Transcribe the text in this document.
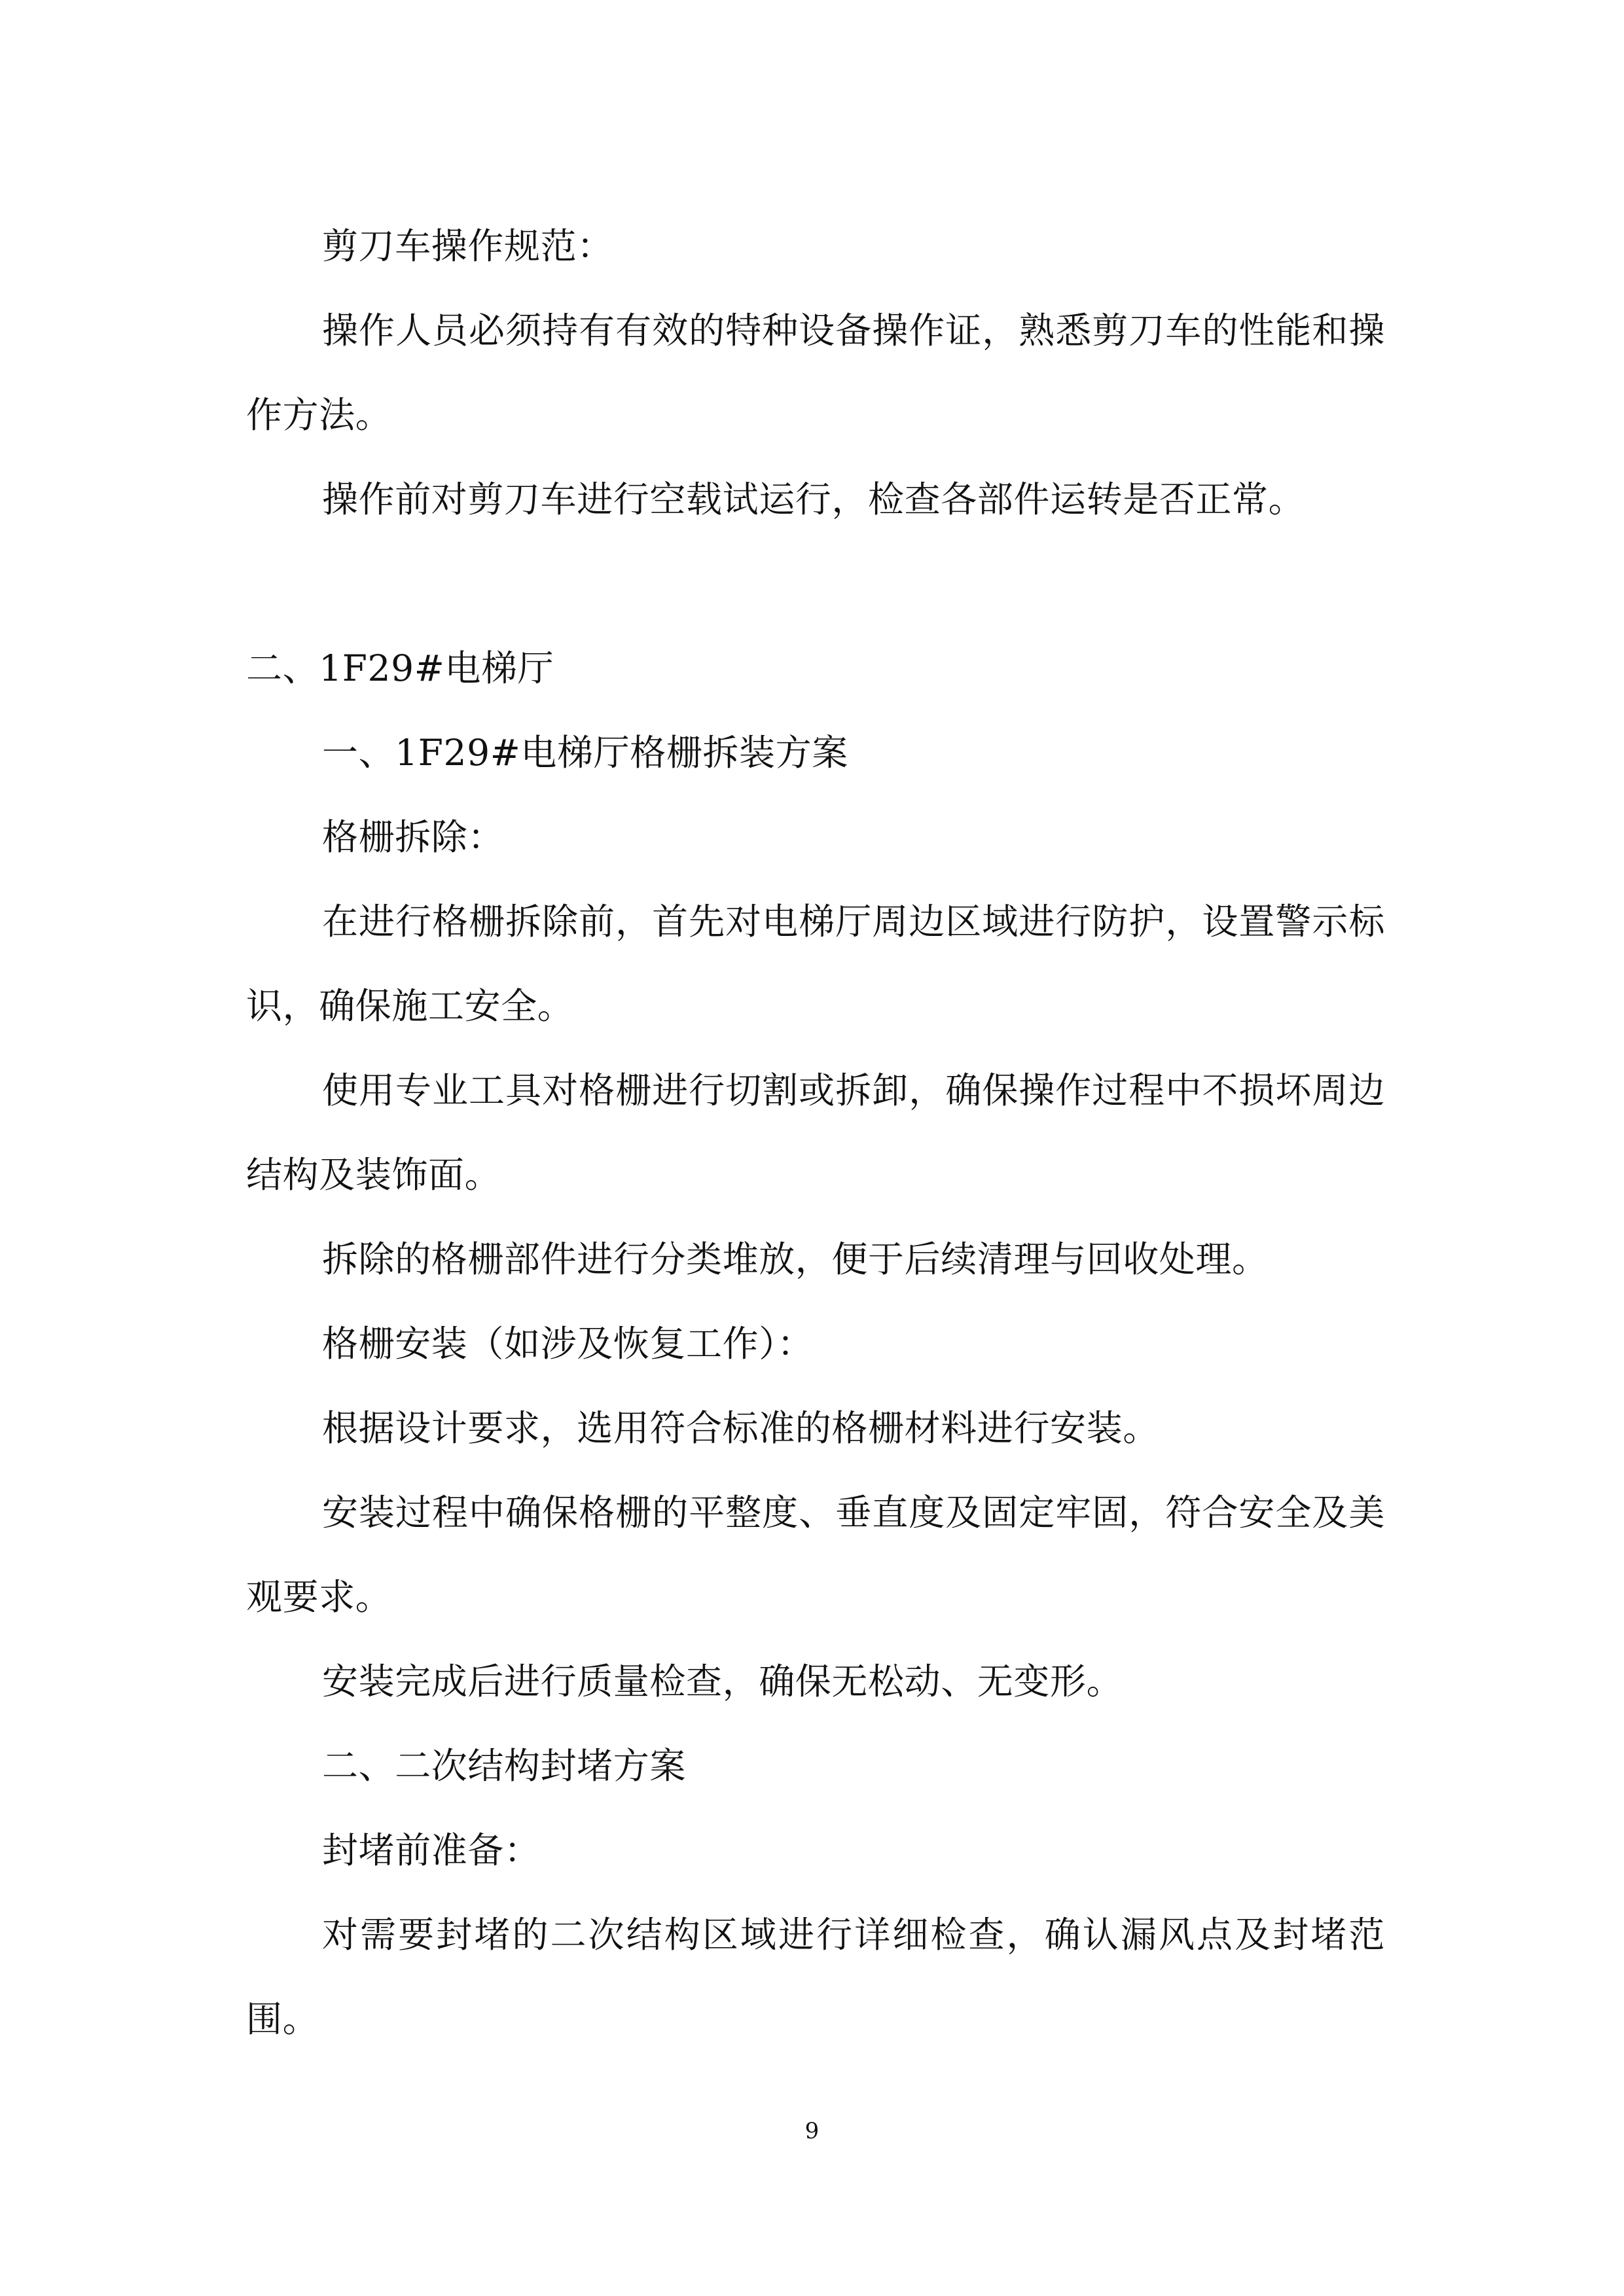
剪刀车操作规范：

操作人员必须持有有效的特种设备操作证，熟悉剪刀车的性能和操作方法。

操作前对剪刀车进行空载试运行，检查各部件运转是否正常。

二、1F29#电梯厅

一、1F29#电梯厅格栅拆装方案

格栅拆除：

在进行格栅拆除前，首先对电梯厅周边区域进行防护，设置警示标识，确保施工安全。

使用专业工具对格栅进行切割或拆卸，确保操作过程中不损坏周边结构及装饰面。

拆除的格栅部件进行分类堆放，便于后续清理与回收处理。

格栅安装（如涉及恢复工作）：

根据设计要求，选用符合标准的格栅材料进行安装。

安装过程中确保格栅的平整度、垂直度及固定牢固，符合安全及美观要求。

安装完成后进行质量检查，确保无松动、无变形。

二、二次结构封堵方案

封堵前准备：

对需要封堵的二次结构区域进行详细检查，确认漏风点及封堵范围。

9
